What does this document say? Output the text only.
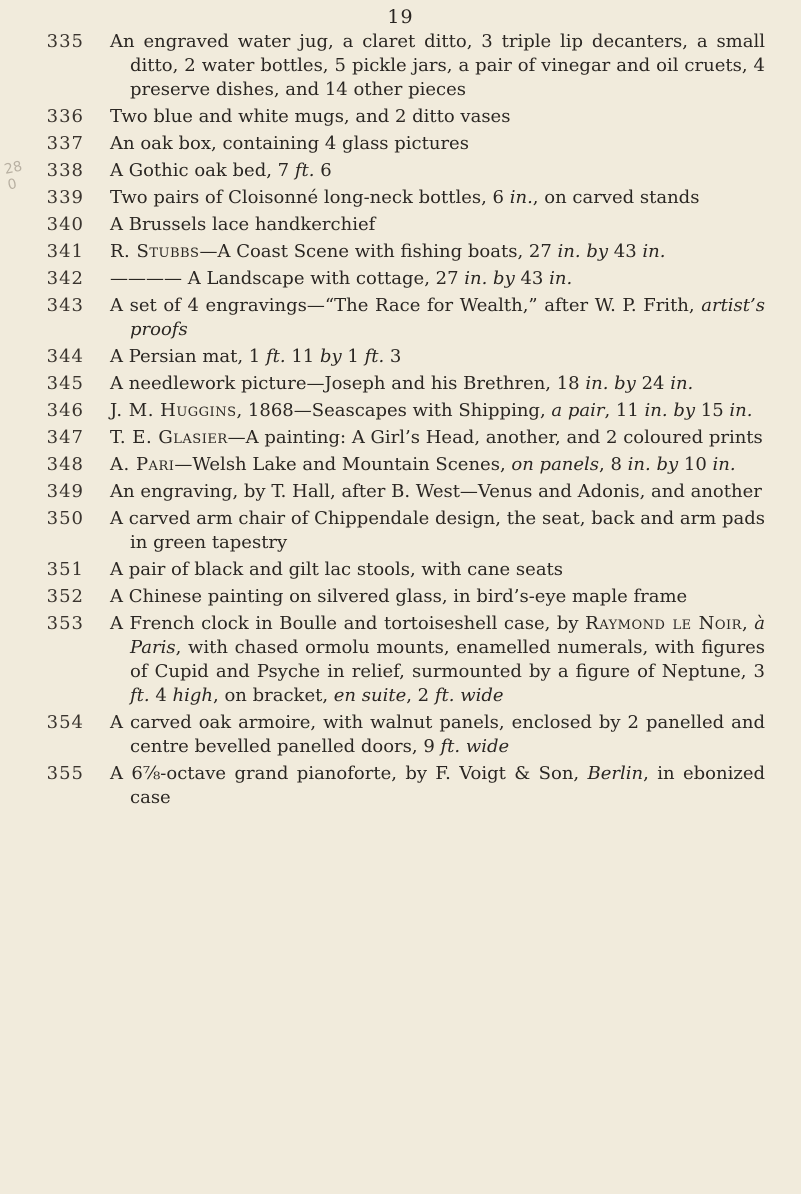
19
28
0
335	An engraved water jug, a claret ditto, 3 triple lip decanters, a small ditto, 2 water bottles, 5 pickle jars, a pair of vinegar and oil cruets, 4 preserve dishes, and 14 other pieces
336	Two blue and white mugs, and 2 ditto vases
337	An oak box, containing 4 glass pictures
338	A Gothic oak bed, 7 ft. 6
339	Two pairs of Cloisonné long-neck bottles, 6 in., on carved stands
340	A Brussels lace handkerchief
341	R. Stubbs—A Coast Scene with fishing boats, 27 in. by 43 in.
342	———— A Landscape with cottage, 27 in. by 43 in.
343	A set of 4 engravings—“The Race for Wealth,” after W. P. Frith, artist’s proofs
344	A Persian mat, 1 ft. 11 by 1 ft. 3
345	A needlework picture—Joseph and his Brethren, 18 in. by 24 in.
346	J. M. Huggins, 1868—Seascapes with Shipping, a pair, 11 in. by 15 in.
347	T. E. Glasier—A painting: A Girl’s Head, another, and 2 coloured prints
348	A. Pari—Welsh Lake and Mountain Scenes, on panels, 8 in. by 10 in.
349	An engraving, by T. Hall, after B. West—Venus and Adonis, and another
350	A carved arm chair of Chippendale design, the seat, back and arm pads in green tapestry
351	A pair of black and gilt lac stools, with cane seats
352	A Chinese painting on silvered glass, in bird’s-eye maple frame
353	A French clock in Boulle and tortoiseshell case, by Raymond le Noir, à Paris, with chased ormolu mounts, enamelled numerals, with figures of Cupid and Psyche in relief, surmounted by a figure of Neptune, 3 ft. 4 high, on bracket, en suite, 2 ft. wide
354	A carved oak armoire, with walnut panels, enclosed by 2 panelled and centre bevelled panelled doors, 9 ft. wide
355	A 6⅞-octave grand pianoforte, by F. Voigt & Son, Berlin, in ebonized case
